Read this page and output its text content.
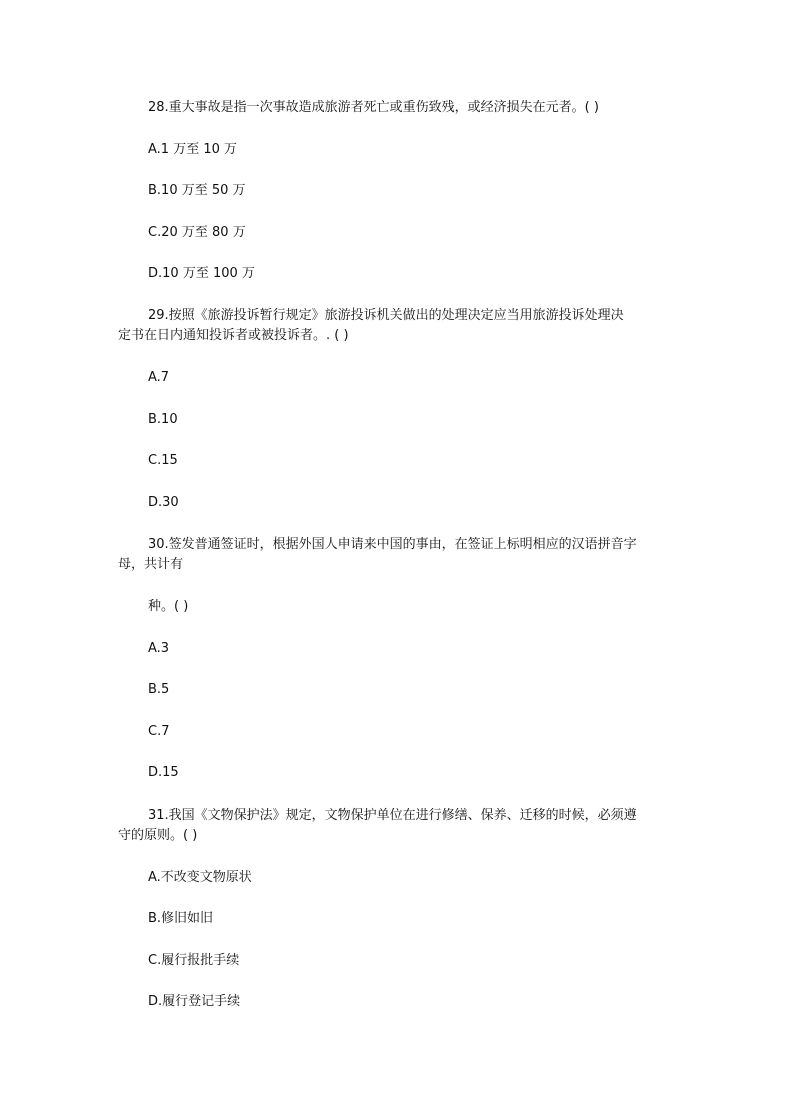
28.重大事故是指一次事故造成旅游者死亡或重伤致残，或经济损失在元者。( )
A.1 万至 10 万
B.10 万至 50 万
C.20 万至 80 万
D.10 万至 100 万
29.按照《旅游投诉暂行规定》旅游投诉机关做出的处理决定应当用旅游投诉处理决
定书在日内通知投诉者或被投诉者。. ( )
A.7
B.10
C.15
D.30
30.签发普通签证时，根据外国人申请来中国的事由，在签证上标明相应的汉语拼音字
母，共计有
种。( )
A.3
B.5
C.7
D.15
31.我国《文物保护法》规定，文物保护单位在进行修缮、保养、迁移的时候，必须遵
守的原则。( )
A.不改变文物原状
B.修旧如旧
C.履行报批手续
D.履行登记手续
